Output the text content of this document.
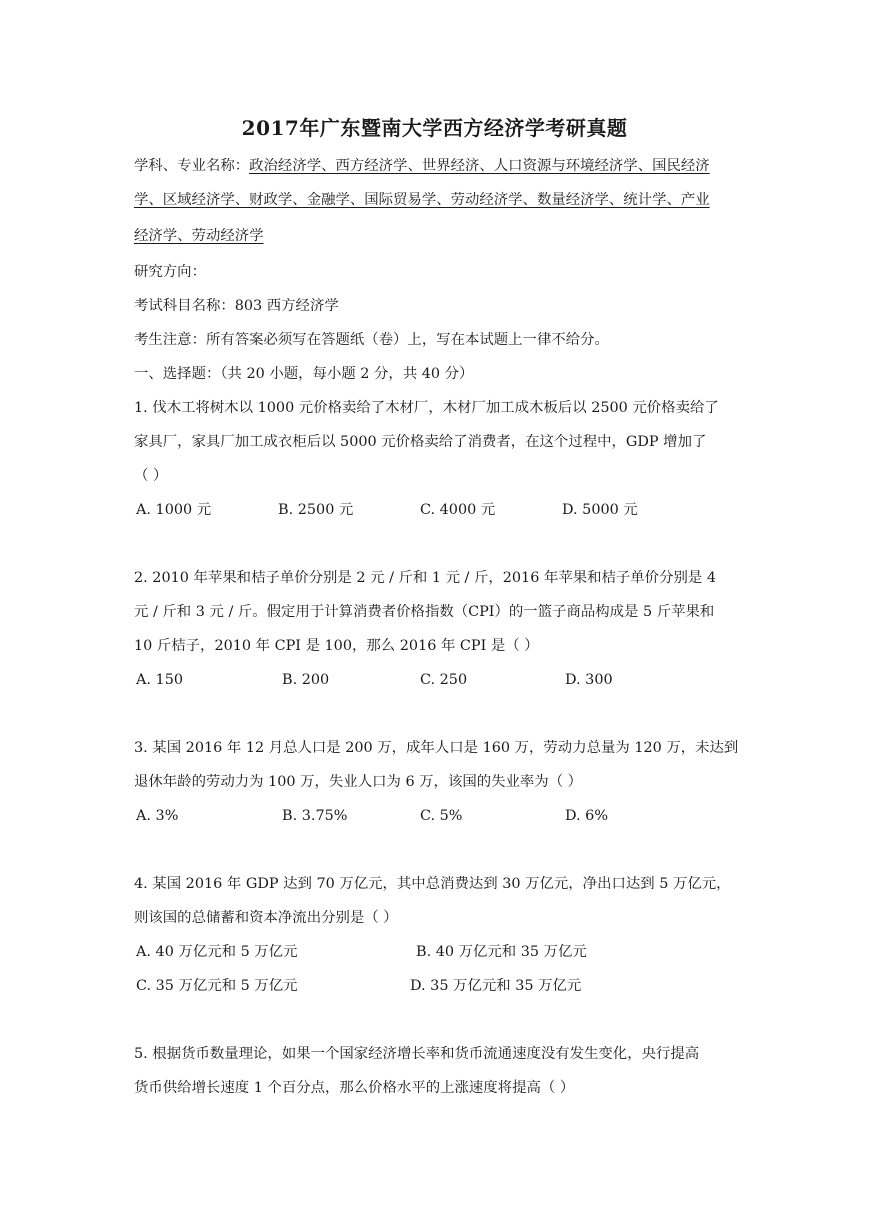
2017年广东暨南大学西方经济学考研真题
学科、专业名称：政治经济学、西方经济学、世界经济、人口资源与环境经济学、国民经济
学、区域经济学、财政学、金融学、国际贸易学、劳动经济学、数量经济学、统计学、产业
经济学、劳动经济学
研究方向：
考试科目名称：803 西方经济学
考生注意：所有答案必须写在答题纸（卷）上，写在本试题上一律不给分。
一、选择题：（共 20 小题，每小题 2 分，共 40 分）
1. 伐木工将树木以 1000 元价格卖给了木材厂，木材厂加工成木板后以 2500 元价格卖给了
家具厂，家具厂加工成衣柜后以 5000 元价格卖给了消费者，在这个过程中，GDP 增加了
（ ）
A. 1000 元	B. 2500 元	C. 4000 元	D. 5000 元
2. 2010 年苹果和桔子单价分别是 2 元 / 斤和 1 元 / 斤，2016 年苹果和桔子单价分别是 4
元 / 斤和 3 元 / 斤。假定用于计算消费者价格指数（CPI）的一篮子商品构成是 5 斤苹果和
10 斤桔子，2010 年 CPI 是 100，那么 2016 年 CPI 是（ ）
A. 150	B. 200	C. 250	D. 300
3. 某国 2016 年 12 月总人口是 200 万，成年人口是 160 万，劳动力总量为 120 万，未达到
退休年龄的劳动力为 100 万，失业人口为 6 万，该国的失业率为（ ）
A. 3%	B. 3.75%	C. 5%	D. 6%
4. 某国 2016 年 GDP 达到 70 万亿元，其中总消费达到 30 万亿元，净出口达到 5 万亿元，
则该国的总储蓄和资本净流出分别是（ ）
A. 40 万亿元和 5 万亿元	B. 40 万亿元和 35 万亿元
C. 35 万亿元和 5 万亿元	D. 35 万亿元和 35 万亿元
5. 根据货币数量理论，如果一个国家经济增长率和货币流通速度没有发生变化，央行提高
货币供给增长速度 1 个百分点，那么价格水平的上涨速度将提高（ ）
